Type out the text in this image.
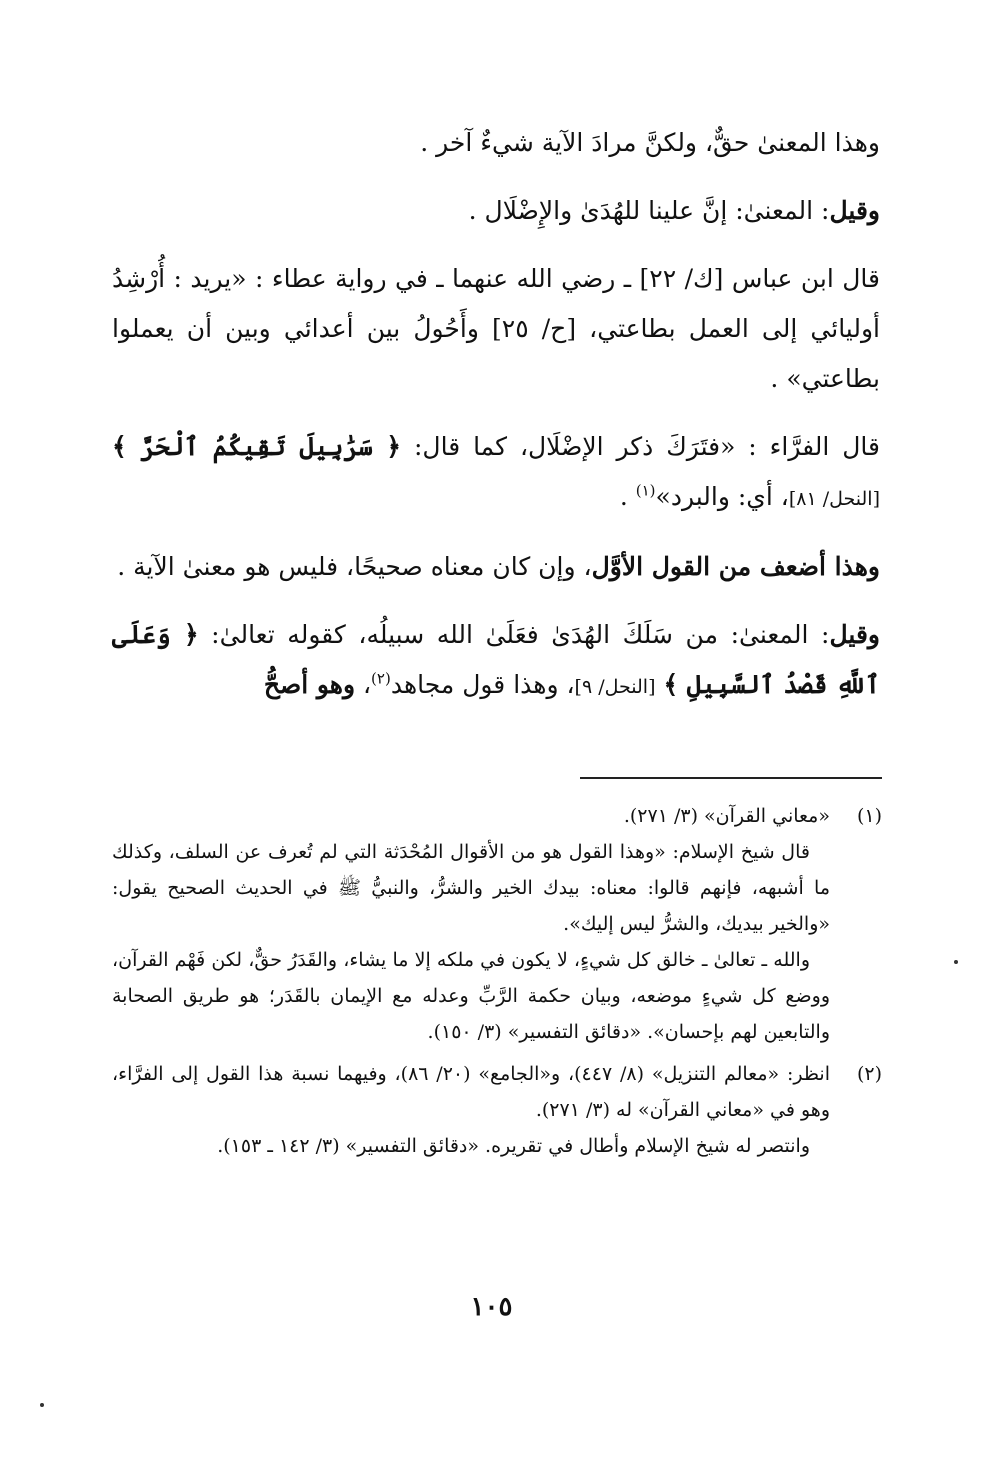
وهذا المعنىٰ حقٌّ، ولكنَّ مرادَ الآية شيءٌ آخر .

وقيل: المعنىٰ: إنَّ علينا للهُدَىٰ والإِضْلَال .

قال ابن عباس [ك/ ٢٢] ـ رضي الله عنهما ـ في رواية عطاء : «يريد : أُرْشِدُ أوليائي إلى العمل بطاعتي، [ح/ ٢٥] وأَحُولُ بين أعدائي وبين أن يعملوا بطاعتي» .

قال الفرَّاء : «فتَرَكَ ذكر الإضْلَال، كما قال: ﴿ سَرَٰبِيلَ تَقِيكُمُ ٱلْحَرَّ ﴾ [النحل/ ٨١]، أي: والبرد»$^{(١)}$ .

وهذا أضعف من القول الأوَّل، وإن كان معناه صحيحًا، فليس هو معنىٰ الآية .

وقيل: المعنىٰ: من سَلَكَ الهُدَىٰ فعَلَىٰ الله سبيلُه، كقوله تعالىٰ: ﴿ وَعَلَى ٱللَّهِ قَصْدُ ٱلسَّبِيلِ ﴾ [النحل/ ٩]، وهذا قول مجاهد$^{(٢)}$، وهو أصحُّ

(١)

«معاني القرآن» (٣/ ٢٧١).

قال شيخ الإسلام: «وهذا القول هو من الأقوال المُحْدَثة التي لم تُعرف عن السلف، وكذلك ما أشبهه، فإنهم قالوا: معناه: بيدك الخير والشرُّ، والنبيُّ ﷺ في الحديث الصحيح يقول: «والخير بيديك، والشرُّ ليس إليك».

والله ـ تعالىٰ ـ خالق كل شيءٍ، لا يكون في ملكه إلا ما يشاء، والقَدَرُ حقٌّ، لكن فَهْم القرآن، ووضع كل شيءٍ موضعه، وبيان حكمة الرَّبِّ وعدله مع الإيمان بالقَدَر؛ هو طريق الصحابة والتابعين لهم بإحسان». «دقائق التفسير» (٣/ ١٥٠).

(٢)

انظر: «معالم التنزيل» (٨/ ٤٤٧)، و«الجامع» (٢٠/ ٨٦)، وفيهما نسبة هذا القول إلى الفرَّاء، وهو في «معاني القرآن» له (٣/ ٢٧١).

وانتصر له شيخ الإسلام وأطال في تقريره. «دقائق التفسير» (٣/ ١٤٢ ـ ١٥٣).

١٠٥
